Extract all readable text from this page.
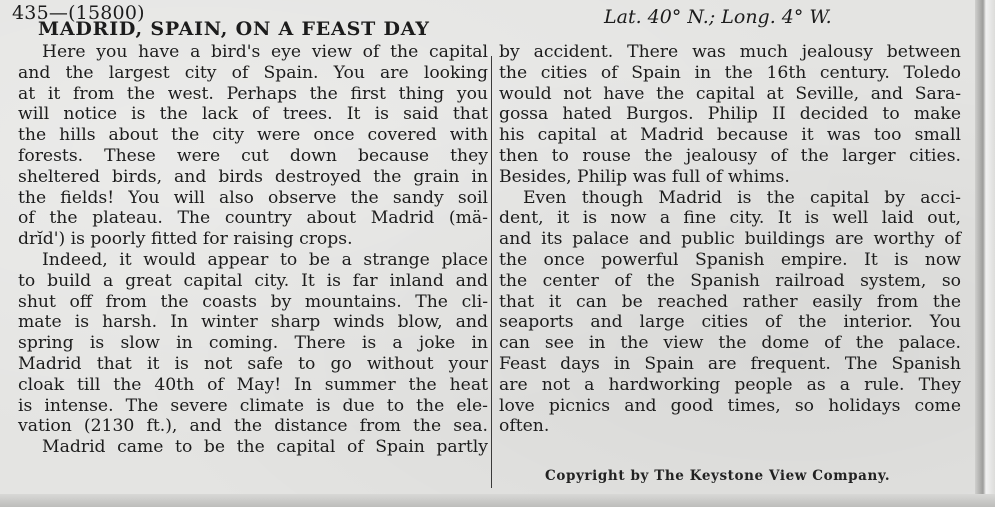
435—(15800)
MADRID, SPAIN, ON A FEAST DAY
Lat. 40° N.; Long. 4° W.
Here you have a bird's eye view of the capital
and the largest city of Spain. You are looking
at it from the west. Perhaps the first thing you
will notice is the lack of trees. It is said that
the hills about the city were once covered with
forests. These were cut down because they
sheltered birds, and birds destroyed the grain in
the fields! You will also observe the sandy soil
of the plateau. The country about Madrid (mä-
drĭd') is poorly fitted for raising crops.
Indeed, it would appear to be a strange place
to build a great capital city. It is far inland and
shut off from the coasts by mountains. The cli-
mate is harsh. In winter sharp winds blow, and
spring is slow in coming. There is a joke in
Madrid that it is not safe to go without your
cloak till the 40th of May! In summer the heat
is intense. The severe climate is due to the ele-
vation (2130 ft.), and the distance from the sea.
Madrid came to be the capital of Spain partly
by accident. There was much jealousy between
the cities of Spain in the 16th century. Toledo
would not have the capital at Seville, and Sara-
gossa hated Burgos. Philip II decided to make
his capital at Madrid because it was too small
then to rouse the jealousy of the larger cities.
Besides, Philip was full of whims.
Even though Madrid is the capital by acci-
dent, it is now a fine city. It is well laid out,
and its palace and public buildings are worthy of
the once powerful Spanish empire. It is now
the center of the Spanish railroad system, so
that it can be reached rather easily from the
seaports and large cities of the interior. You
can see in the view the dome of the palace.
Feast days in Spain are frequent. The Spanish
are not a hardworking people as a rule. They
love picnics and good times, so holidays come
often.
Copyright by The Keystone View Company.
